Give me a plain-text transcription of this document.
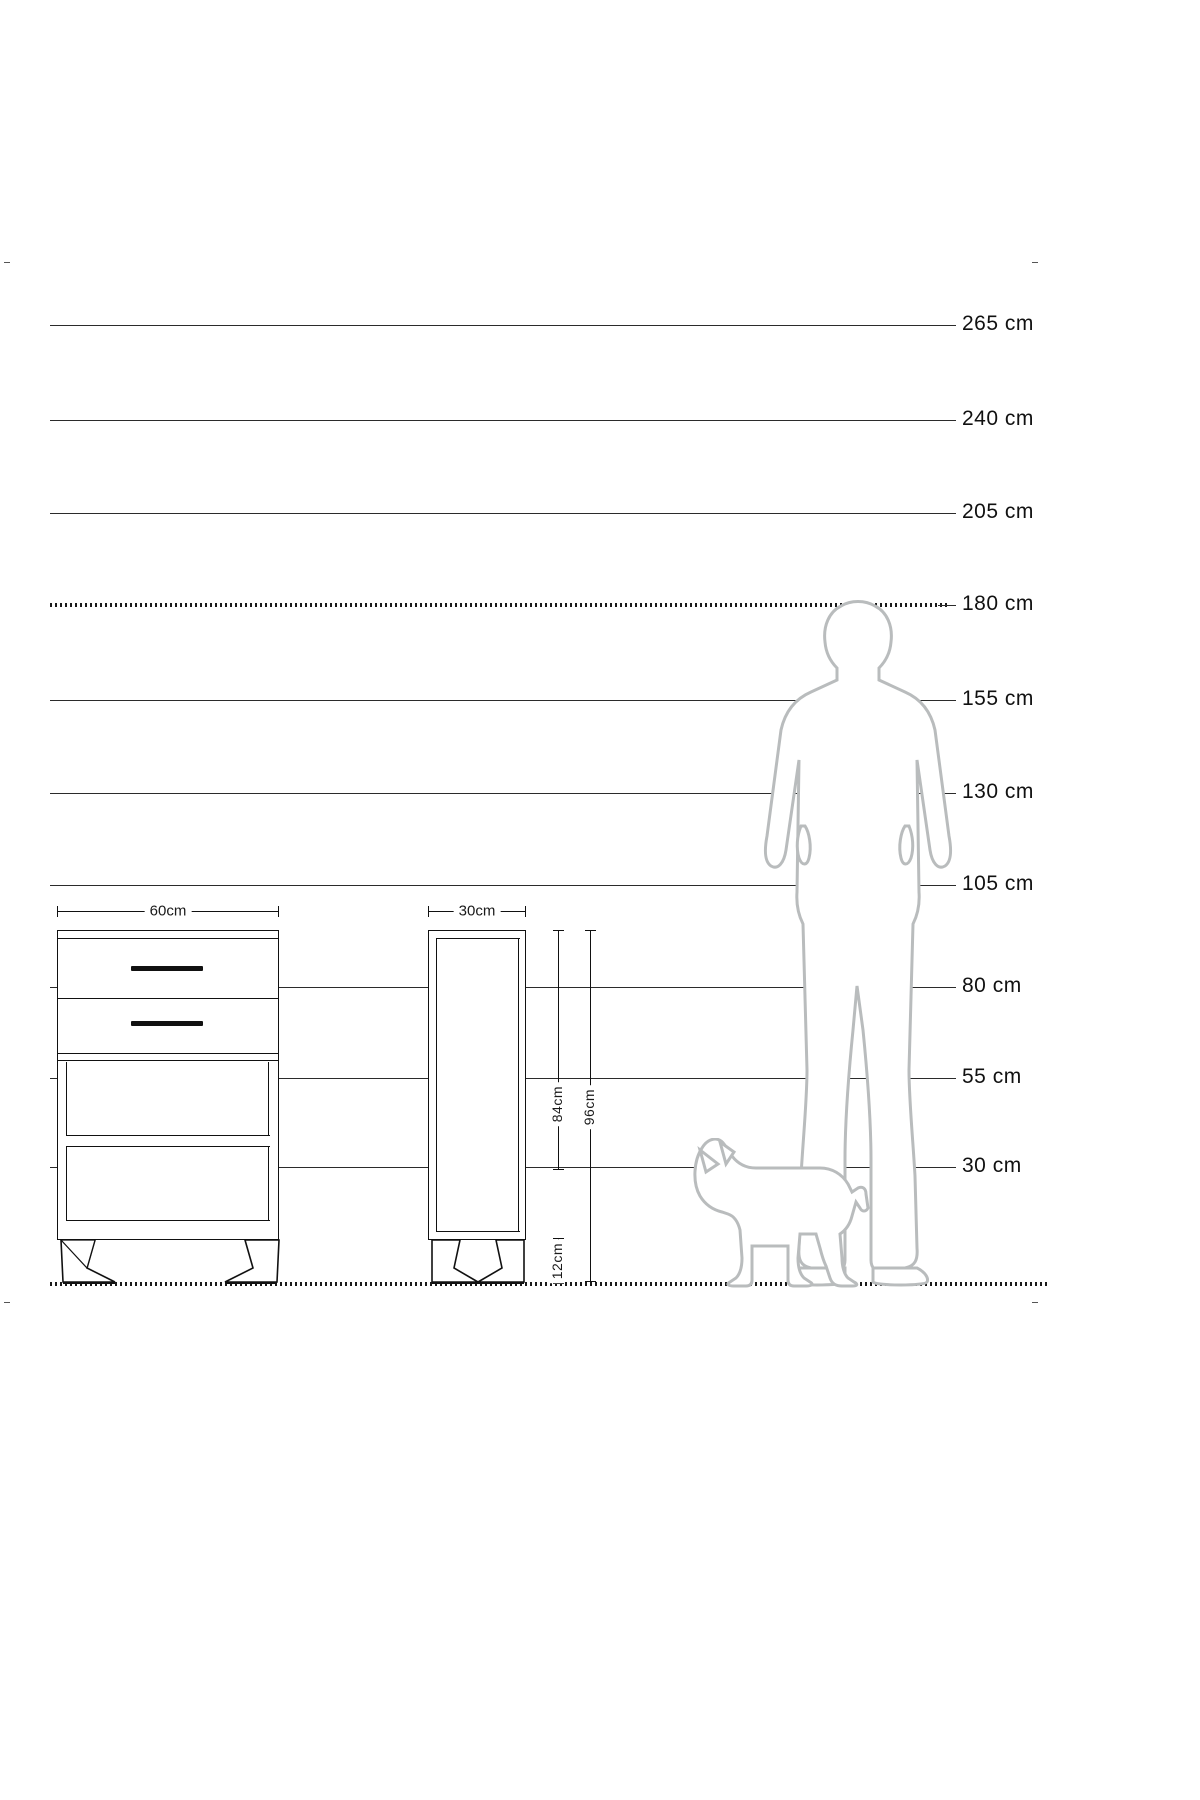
265 cm
240 cm
205 cm
180 cm
155 cm
130 cm
105 cm
80 cm
55 cm
30 cm
60cm	30cm
84cm 96cm
12cm
